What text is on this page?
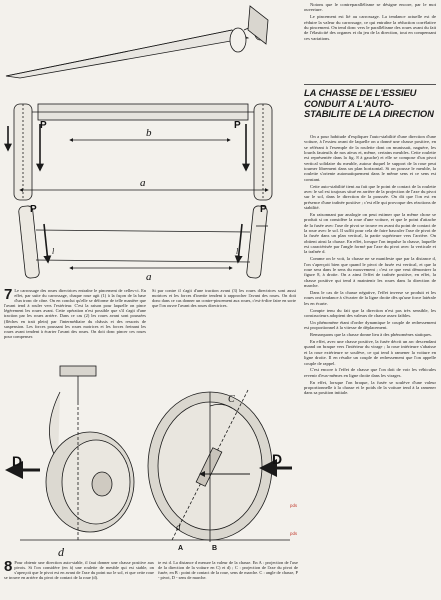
P	P
b
a
P	P
l	l
a
7 Le carrossage des roues directrices entraîne le pincement de celles-ci. En effet, par suite du carrossage, chaque roue agit (1) à la façon de la base d'un tronc de cône. On en conclut qu'elle se déforme de telle manière que l'avant tend à rouler vers l'extérieur. C'est la raison pour laquelle on pince légèrement les roues avant. Cette opération n'est possible que s'il s'agit d'une traction par les roues arrière. Dans ce cas (2) les roues avant sont poussées (flèches en trait plein) par l'intermédiaire du châssis et des ressorts de suspension. Les forces poussant les roues motrices et les forces freinant les roues avant tendent à écarter l'avant des roues. On doit donc pincer ces roues pour compenser.
Si par contre il s'agit d'une traction avant (3) les roues directrices sont aussi motrices et les forces d'inertie tendent à rapprocher l'avant des roues. On doit donc dans ce cas donner un contre-pincement aux roues, c'est-à-dire faire en sorte que l'on ouvre l'avant des roues directrices.
D
d
D
C
A	B
d
8 Pour obtenir une direction auto-stable, il faut donner une chasse positive aux pivots. Si l'on considère (en à) une roulette de meuble qui est stable, on s'aperçoit que le pivot est en avant de l'axe du point sur le sol, et que cette roue se trouve en arrière du pivot de contact de la roue (d).
te est d. La distance d mesure la valeur de la chasse. En A : projection de l'axe de la direction de la voiture en C) et d) ; C : projection de l'axe du pivot de fusée, en B : point de contact de la roue, sens de marche. C : angle de chasse, P - pivot, D - sens de marche.

Notons que le contreparallèlisme se désigne encore, par le mot ouverture.

Le pincement est lié au carrossage. La tendance actuelle est de réduire la valeur du carrossage, ce qui entraîne la réduction corrélative du pincement. On tend donc vers le parallélisme des roues avant du fait de l'élasticité des organes et du jeu de la direction, tout en compensant ces variations.

LA CHASSE DE L'ESSIEU CONDUIT A L'AUTO-STABILITE DE LA DIRECTION

On a pour habitude d'expliquer l'auto-stabilité d'une direction d'une voiture, à l'essieu avant de laquelle on a donné une chasse positive, en se référant à l'exemple de la roulette dont on munissait, naguère, les lourds fauteuils de nos aïeux et, même, certains meubles. Cette roulette est représentée dans la fig. 8 à gauche) et elle se compose d'un pivot vertical solidaire du meuble, autour duquel le support de la roue peut tourner librement dans un plan horizontal. Si on pousse le meuble, la roulette s'oriente automatiquement dans le même sens et ce sens est constant.

Cette auto-stabilité tient au fait que le point de contact de la roulette avec le sol est toujours situé en arrière de la projection de l'axe du pivot sur le sol, dans le direction de la poussée. On dit que l'on est en présence d'une traînée positive ; c'est elle qui provoque des réactions de stabilité.

En raisonnant par analogie on peut estimer que la même chose se produit si on considère la roue d'une voiture, et que le point d'attache de la fusée avec l'axe de pivot se trouve en avant du point de contact de la roue avec le sol. Il suffit pour cela de faire basculer l'axe de pivot de la fusée dans un plan vertical, la partie supérieure vers l'arrière. On obtient ainsi la chasse. En effet, lorsque l'on impulse la chasse, laquelle est caractérisée par l'angle formé par l'axe du pivot avec la verticale et la traînée d.

Comme on le voit, la chasse ne se manifeste que par la distance d, l'on s'aperçoit bien que quand le pivot de fusée est vertical, et que la roue sera dans le sens du mouvement ; c'est ce que veut démontrer la figure 8, à droite. On a ainsi l'effet de traînée positive, en effet, la chasse positive qui tend à maintenir les roues dans la direction de marche.

Dans le cas de la chasse négative, l'effet inverse se produit et les roues ont tendance à s'écarter de la ligne droite dès qu'une force latérale les en écarte.

Compte tenu du fait que la direction n'est pas très sensible, les constructeurs adoptent des valeurs de chasse assez faibles.

Un phénomène étant d'ordre dynamique le couple de redressement est proportionnel à la vitesse de déplacement.

Remarquons que la chasse donne lieu à des phénomènes statiques.

En effet, avec une chasse positive, la fusée décrit un arc descendant quand on braque vers l'intérieur du virage ; la roue intérieure s'abaisse et la roue extérieure se soulève, ce qui tend à ramener la voiture en ligne droite. Il en résulte un couple de redressement que l'on appelle couple de rappel.

C'est encore à l'effet de chasse que l'on doit de voir les véhicules revenir d'eux-mêmes en ligne droite dans les virages.

En effet, lorsque l'on braque, la fusée se soulève d'une valeur proportionnelle à la chasse et le poids de la voiture tend à la ramener dans sa position initiale.

pds
pds
